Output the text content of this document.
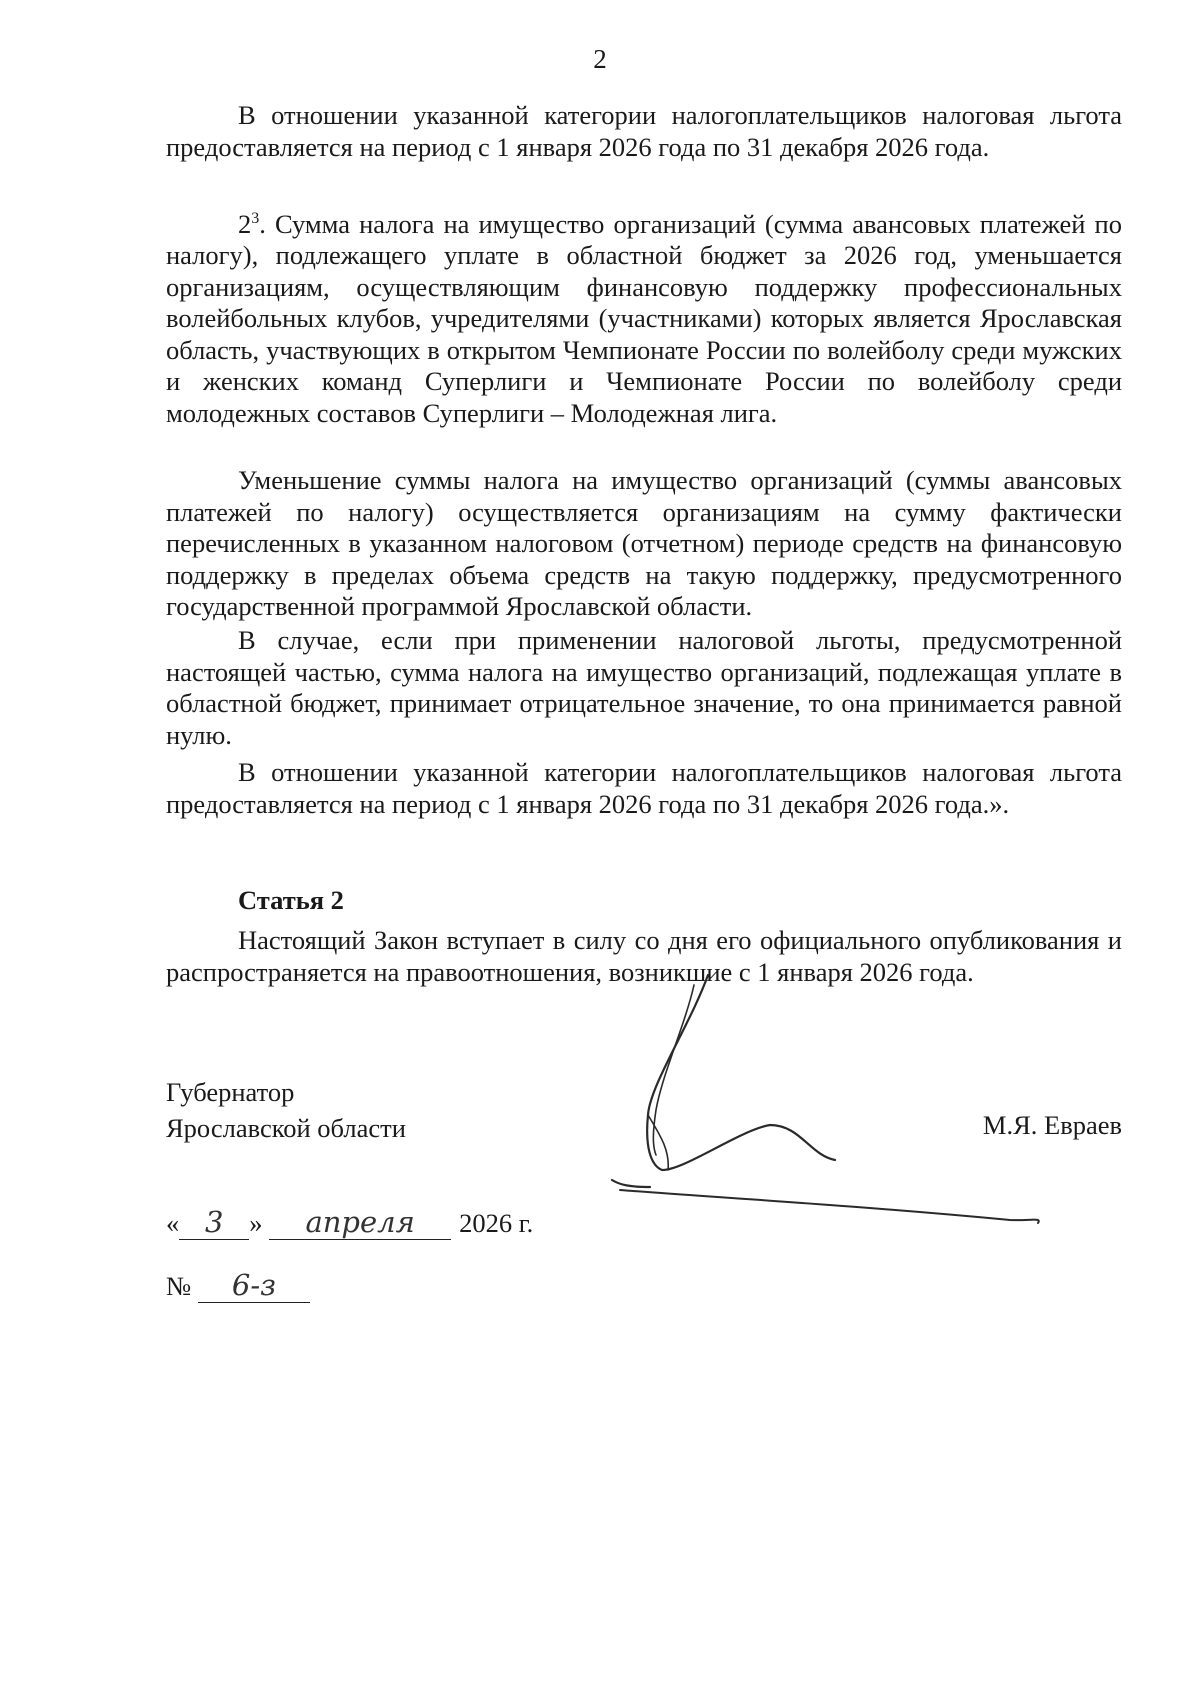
2

В отношении указанной категории налогоплательщиков налоговая льгота предоставляется на период с 1 января 2026 года по 31 декабря 2026 года.

$2^3$. Сумма налога на имущество организаций (сумма авансовых платежей по налогу), подлежащего уплате в областной бюджет за 2026 год, уменьшается организациям, осуществляющим финансовую поддержку профессиональных волейбольных клубов, учредителями (участниками) которых является Ярославская область, участвующих в открытом Чемпионате России по волейболу среди мужских и женских команд Суперлиги и Чемпионате России по волейболу среди молодежных составов Суперлиги – Молодежная лига.

Уменьшение суммы налога на имущество организаций (суммы авансовых платежей по налогу) осуществляется организациям на сумму фактически перечисленных в указанном налоговом (отчетном) периоде средств на финансовую поддержку в пределах объема средств на такую поддержку, предусмотренного государственной программой Ярославской области.

В случае, если при применении налоговой льготы, предусмотренной настоящей частью, сумма налога на имущество организаций, подлежащая уплате в областной бюджет, принимает отрицательное значение, то она принимается равной нулю.

В отношении указанной категории налогоплательщиков налоговая льгота предоставляется на период с 1 января 2026 года по 31 декабря 2026 года.».

Статья 2

Настоящий Закон вступает в силу со дня его официального опубликования и распространяется на правоотношения, возникшие с 1 января 2026 года.

Губернатор
Ярославской области	М.Я. Евраев
« 3 » апреля 2026 г.
№ 6-з
